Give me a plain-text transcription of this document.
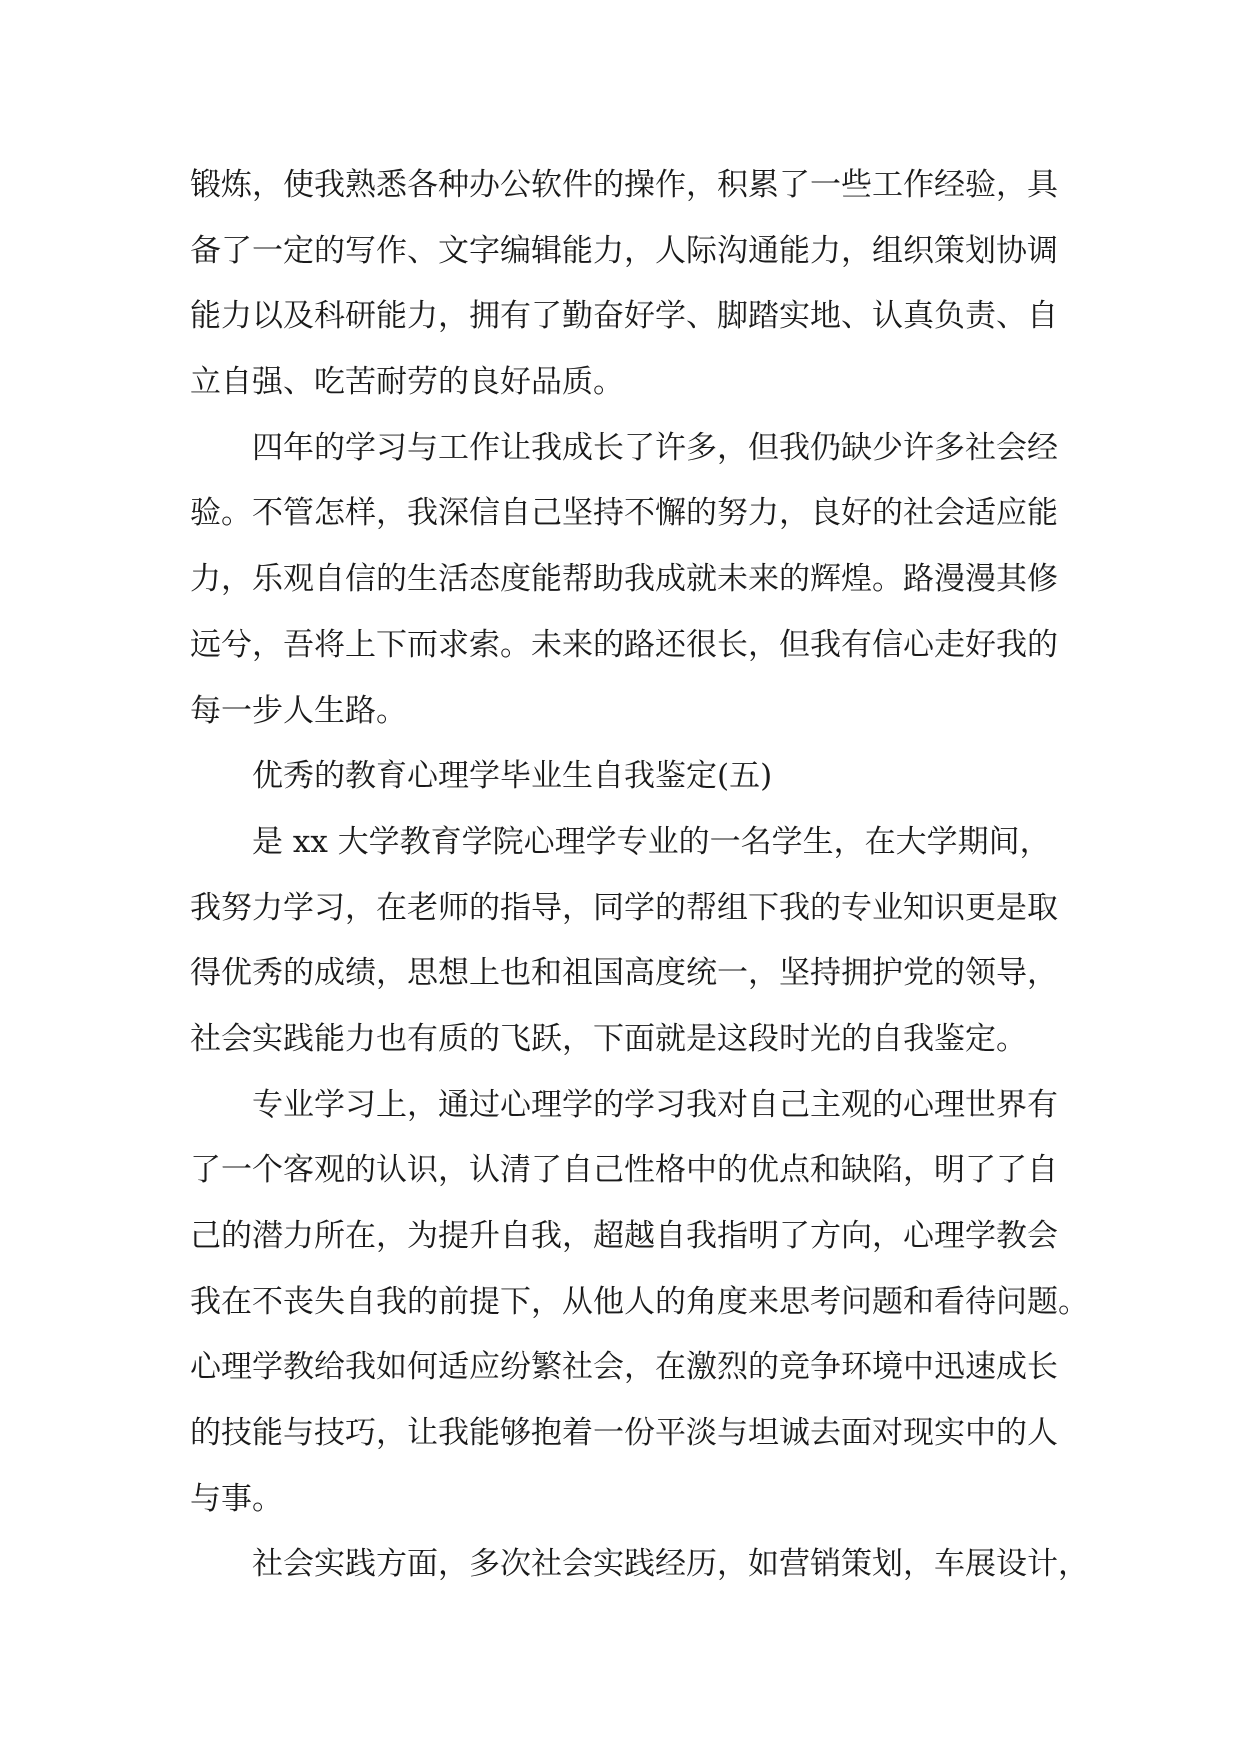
锻炼，使我熟悉各种办公软件的操作，积累了一些工作经验，具
备了一定的写作、文字编辑能力，人际沟通能力，组织策划协调
能力以及科研能力，拥有了勤奋好学、脚踏实地、认真负责、自
立自强、吃苦耐劳的良好品质。
四年的学习与工作让我成长了许多，但我仍缺少许多社会经
验。不管怎样，我深信自己坚持不懈的努力，良好的社会适应能
力，乐观自信的生活态度能帮助我成就未来的辉煌。路漫漫其修
远兮，吾将上下而求索。未来的路还很长，但我有信心走好我的
每一步人生路。
优秀的教育心理学毕业生自我鉴定(五)
是 xx 大学教育学院心理学专业的一名学生，在大学期间，
我努力学习，在老师的指导，同学的帮组下我的专业知识更是取
得优秀的成绩，思想上也和祖国高度统一，坚持拥护党的领导，
社会实践能力也有质的飞跃，下面就是这段时光的自我鉴定。
专业学习上，通过心理学的学习我对自己主观的心理世界有
了一个客观的认识，认清了自己性格中的优点和缺陷，明了了自
己的潜力所在，为提升自我，超越自我指明了方向，心理学教会
我在不丧失自我的前提下，从他人的角度来思考问题和看待问题。
心理学教给我如何适应纷繁社会，在激烈的竞争环境中迅速成长
的技能与技巧，让我能够抱着一份平淡与坦诚去面对现实中的人
与事。
社会实践方面，多次社会实践经历，如营销策划，车展设计，
